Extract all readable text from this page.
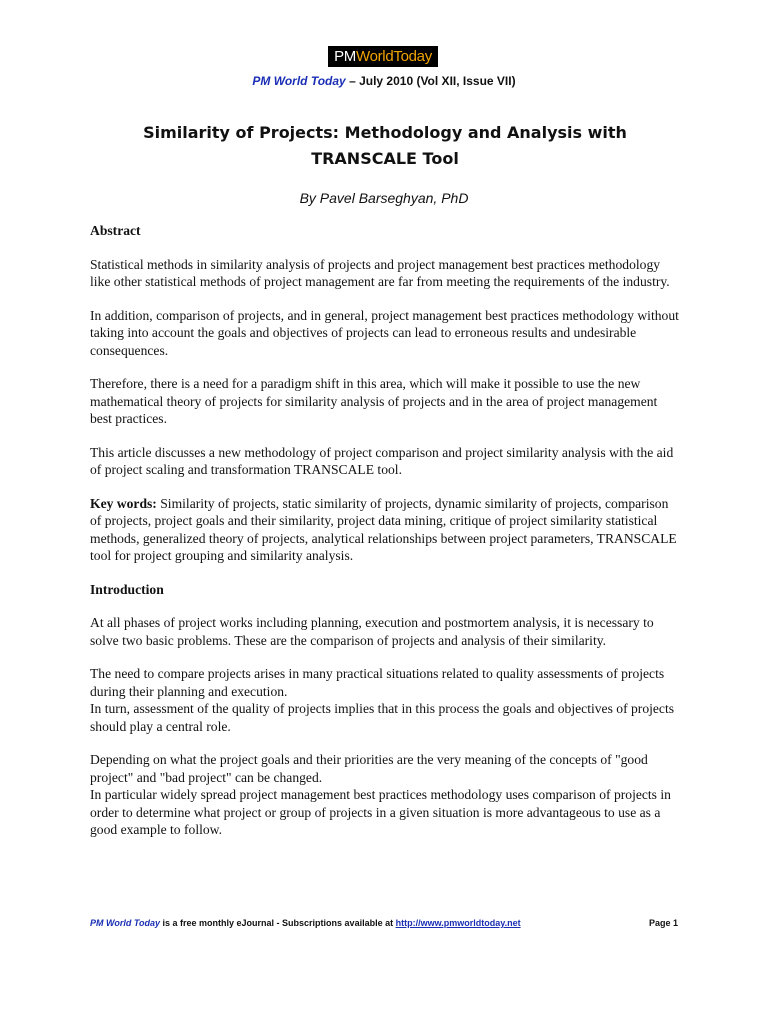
PM WorldToday
PM World Today – July 2010 (Vol XII, Issue VII)
Similarity of Projects: Methodology and Analysis with TRANSCALE Tool
By Pavel Barseghyan, PhD
Abstract

Statistical methods in similarity analysis of projects and project management best practices methodology like other statistical methods of project management are far from meeting the requirements of the industry.

In addition, comparison of projects, and in general, project management best practices methodology without taking into account the goals and objectives of projects can lead to erroneous results and undesirable consequences.

Therefore, there is a need for a paradigm shift in this area, which will make it possible to use the new mathematical theory of projects for similarity analysis of projects and in the area of project management best practices.

This article discusses a new methodology of project comparison and project similarity analysis with the aid of project scaling and transformation TRANSCALE tool.

Key words: Similarity of projects, static similarity of projects, dynamic similarity of projects, comparison of projects, project goals and their similarity, project data mining, critique of project similarity statistical methods, generalized theory of projects, analytical relationships between project parameters, TRANSCALE tool for project grouping and similarity analysis.

Introduction

At all phases of project works including planning, execution and postmortem analysis, it is necessary to solve two basic problems. These are the comparison of projects and analysis of their similarity.

The need to compare projects arises in many practical situations related to quality assessments of projects during their planning and execution.
In turn, assessment of the quality of projects implies that in this process the goals and objectives of projects should play a central role.

Depending on what the project goals and their priorities are the very meaning of the concepts of "good project" and "bad project" can be changed.
In particular widely spread project management best practices methodology uses comparison of projects in order to determine what project or group of projects in a given situation is more advantageous to use as a good example to follow.

PM World Today is a free monthly eJournal - Subscriptions available at http://www.pmworldtoday.net	Page 1
